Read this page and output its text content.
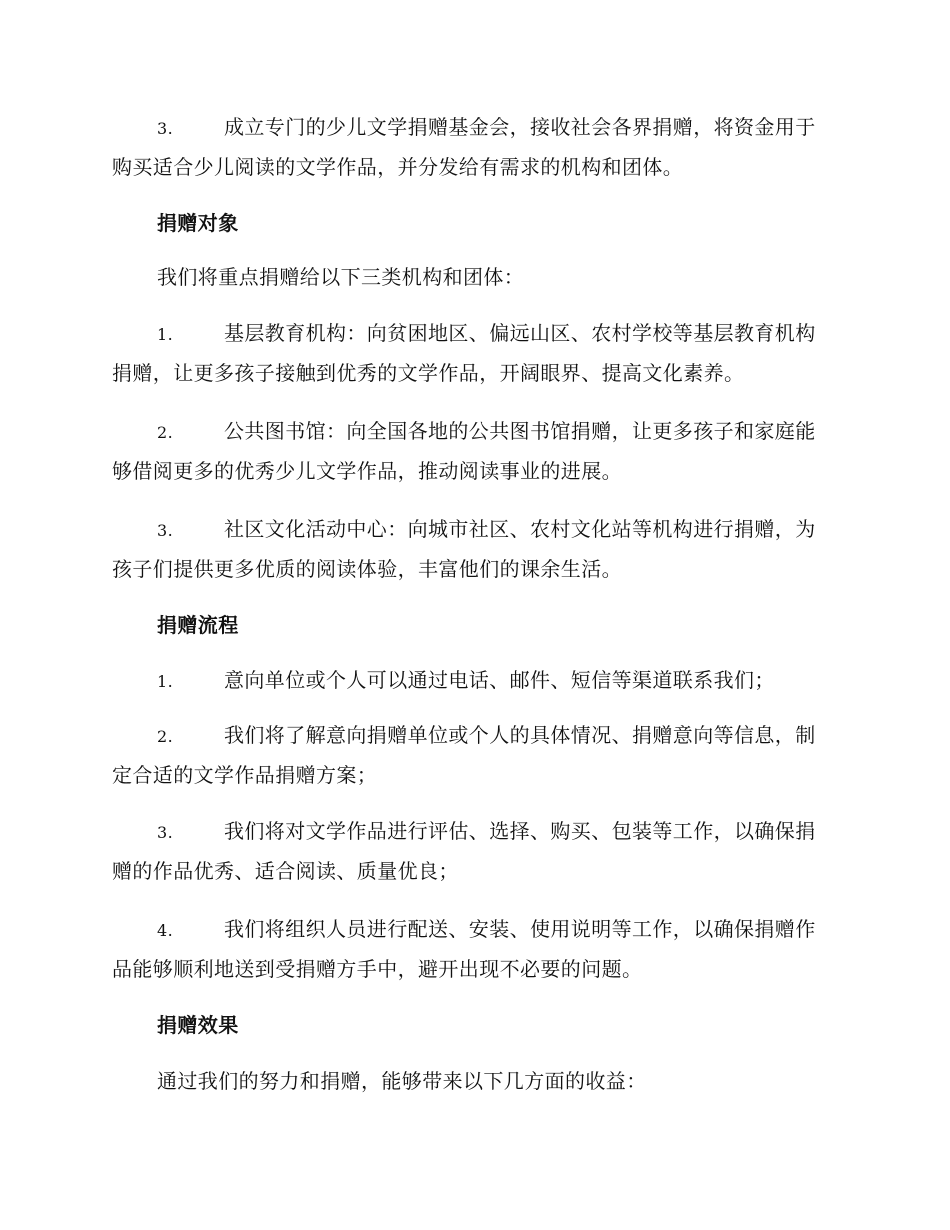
3.	成立专门的少儿文学捐赠基金会，接收社会各界捐赠，将资金用于购买适合少儿阅读的文学作品，并分发给有需求的机构和团体。
捐赠对象
我们将重点捐赠给以下三类机构和团体：
1.	基层教育机构：向贫困地区、偏远山区、农村学校等基层教育机构捐赠，让更多孩子接触到优秀的文学作品，开阔眼界、提高文化素养。
2.	公共图书馆：向全国各地的公共图书馆捐赠，让更多孩子和家庭能够借阅更多的优秀少儿文学作品，推动阅读事业的进展。
3.	社区文化活动中心：向城市社区、农村文化站等机构进行捐赠，为孩子们提供更多优质的阅读体验，丰富他们的课余生活。
捐赠流程
1.	意向单位或个人可以通过电话、邮件、短信等渠道联系我们；
2.	我们将了解意向捐赠单位或个人的具体情况、捐赠意向等信息，制定合适的文学作品捐赠方案；
3.	我们将对文学作品进行评估、选择、购买、包装等工作，以确保捐赠的作品优秀、适合阅读、质量优良；
4.	我们将组织人员进行配送、安装、使用说明等工作，以确保捐赠作品能够顺利地送到受捐赠方手中，避开出现不必要的问题。
捐赠效果
通过我们的努力和捐赠，能够带来以下几方面的收益：
